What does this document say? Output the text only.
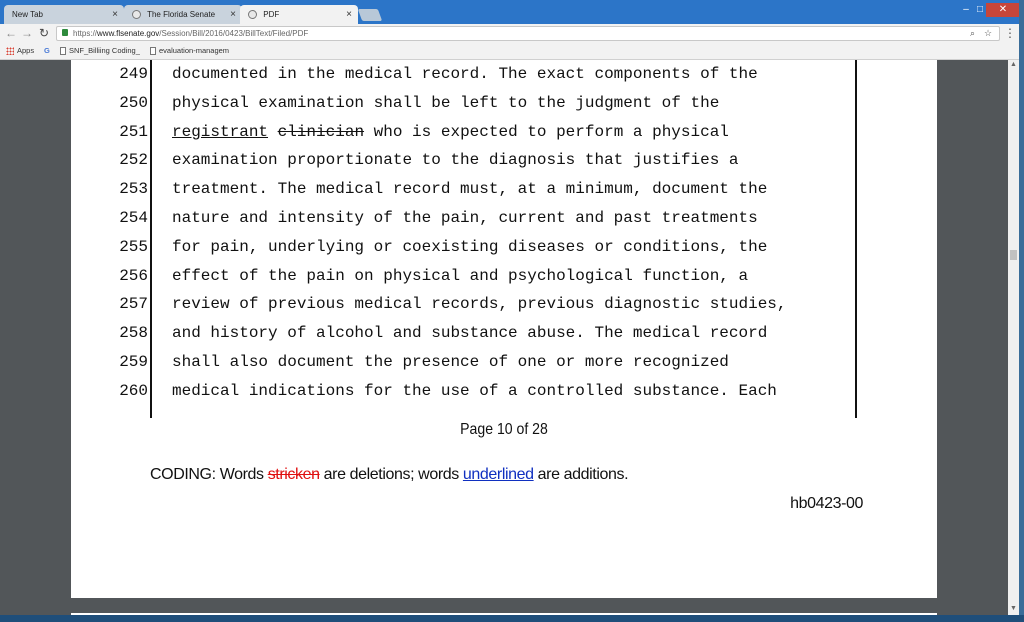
New Tab	×	The Florida Senate ×	PDF	×	– □	✕
← → ↻	https://www.flsenate.gov/Session/Bill/2016/0423/BillText/Filed/PDF	⌕ ☆ ⋮
Apps G	SNF_Billiing Coding_	evaluation-managem
249 documented in the medical record. The exact components of the
250 physical examination shall be left to the judgment of the
251 registrant clinician who is expected to perform a physical
252 examination proportionate to the diagnosis that justifies a
253 treatment. The medical record must, at a minimum, document the
254 nature and intensity of the pain, current and past treatments
255 for pain, underlying or coexisting diseases or conditions, the
256 effect of the pain on physical and psychological function, a
257 review of previous medical records, previous diagnostic studies,
258 and history of alcohol and substance abuse. The medical record
259 shall also document the presence of one or more recognized
260 medical indications for the use of a controlled substance. Each
Page 10 of 28
CODING: Words stricken are deletions; words underlined are additions.
hb0423-00
▲
▼
